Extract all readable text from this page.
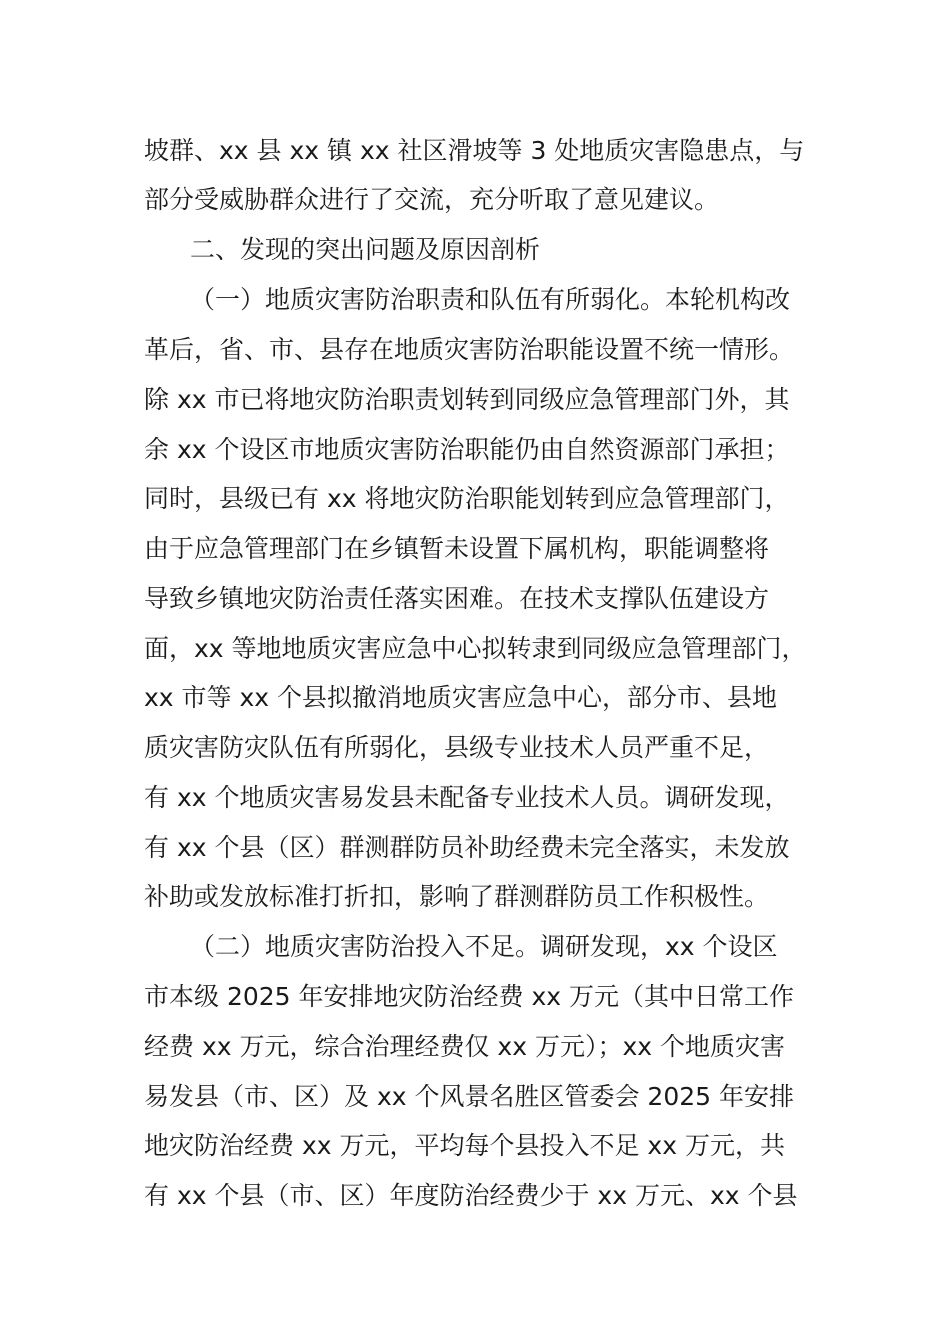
坡群、xx 县 xx 镇 xx 社区滑坡等 3 处地质灾害隐患点，与
部分受威胁群众进行了交流，充分听取了意见建议。
二、发现的突出问题及原因剖析
（一）地质灾害防治职责和队伍有所弱化。本轮机构改
革后，省、市、县存在地质灾害防治职能设置不统一情形。
除 xx 市已将地灾防治职责划转到同级应急管理部门外，其
余 xx 个设区市地质灾害防治职能仍由自然资源部门承担；
同时，县级已有 xx 将地灾防治职能划转到应急管理部门，
由于应急管理部门在乡镇暂未设置下属机构，职能调整将
导致乡镇地灾防治责任落实困难。在技术支撑队伍建设方
面，xx 等地地质灾害应急中心拟转隶到同级应急管理部门，
xx 市等 xx 个县拟撤消地质灾害应急中心，部分市、县地
质灾害防灾队伍有所弱化，县级专业技术人员严重不足，
有 xx 个地质灾害易发县未配备专业技术人员。调研发现，
有 xx 个县（区）群测群防员补助经费未完全落实，未发放
补助或发放标准打折扣，影响了群测群防员工作积极性。
（二）地质灾害防治投入不足。调研发现，xx 个设区
市本级 2025 年安排地灾防治经费 xx 万元（其中日常工作
经费 xx 万元，综合治理经费仅 xx 万元）；xx 个地质灾害
易发县（市、区）及 xx 个风景名胜区管委会 2025 年安排
地灾防治经费 xx 万元，平均每个县投入不足 xx 万元，共
有 xx 个县（市、区）年度防治经费少于 xx 万元、xx 个县
